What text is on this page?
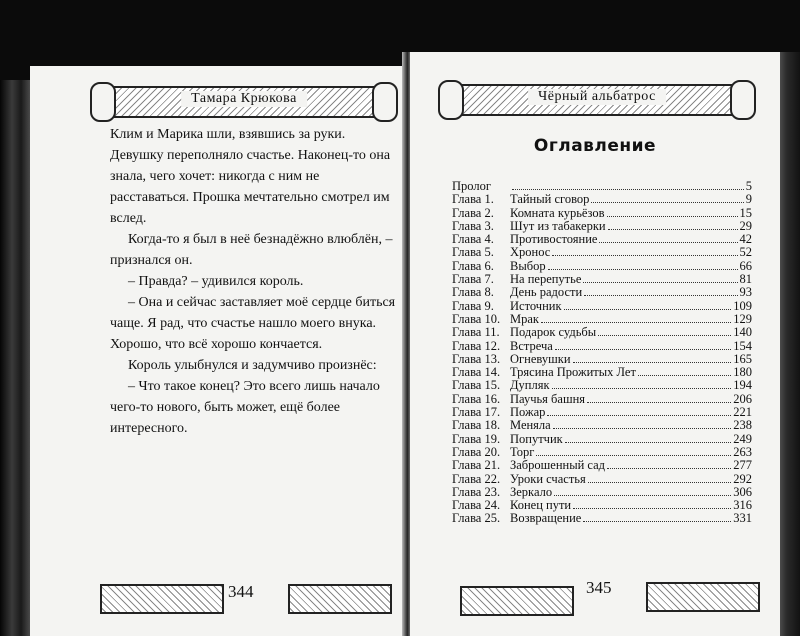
Тамара Крюкова

Клим и Марика шли, взявшись за руки. Девушку переполняло счастье. Наконец-то она знала, чего хочет: никогда с ним не расставаться. Прошка мечтательно смотрел им вслед.

Когда-то я был в неё безнадёжно влюблён, – признался он.

– Правда? – удивился король.

– Она и сейчас заставляет моё сердце биться чаще. Я рад, что счастье нашло моего внука. Хорошо, что всё хорошо кончается.

Король улыбнулся и задумчиво произнёс:

– Что такое конец? Это всего лишь начало чего-то нового, быть может, ещё более интересного.

344
Чёрный альбатрос
Оглавление
Пролог	5
Глава 1.	Тайный сговор	9
Глава 2.	Комната курьёзов	15
Глава 3.	Шут из табакерки	29
Глава 4.	Противостояние	42
Глава 5.	Хронос	52
Глава 6.	Выбор	66
Глава 7.	На перепутье	81
Глава 8.	День радости	93
Глава 9.	Источник	109
Глава 10. Мрак	129
Глава 11. Подарок судьбы	140
Глава 12. Встреча	154
Глава 13. Огневушки	165
Глава 14. Трясина Прожитых Лет	180
Глава 15. Дупляк	194
Глава 16. Паучья башня	206
Глава 17. Пожар	221
Глава 18. Меняла	238
Глава 19. Попутчик	249
Глава 20. Торг	263
Глава 21. Заброшенный сад	277
Глава 22. Уроки счастья	292
Глава 23. Зеркало	306
Глава 24. Конец пути	316
Глава 25. Возвращение	331
345
